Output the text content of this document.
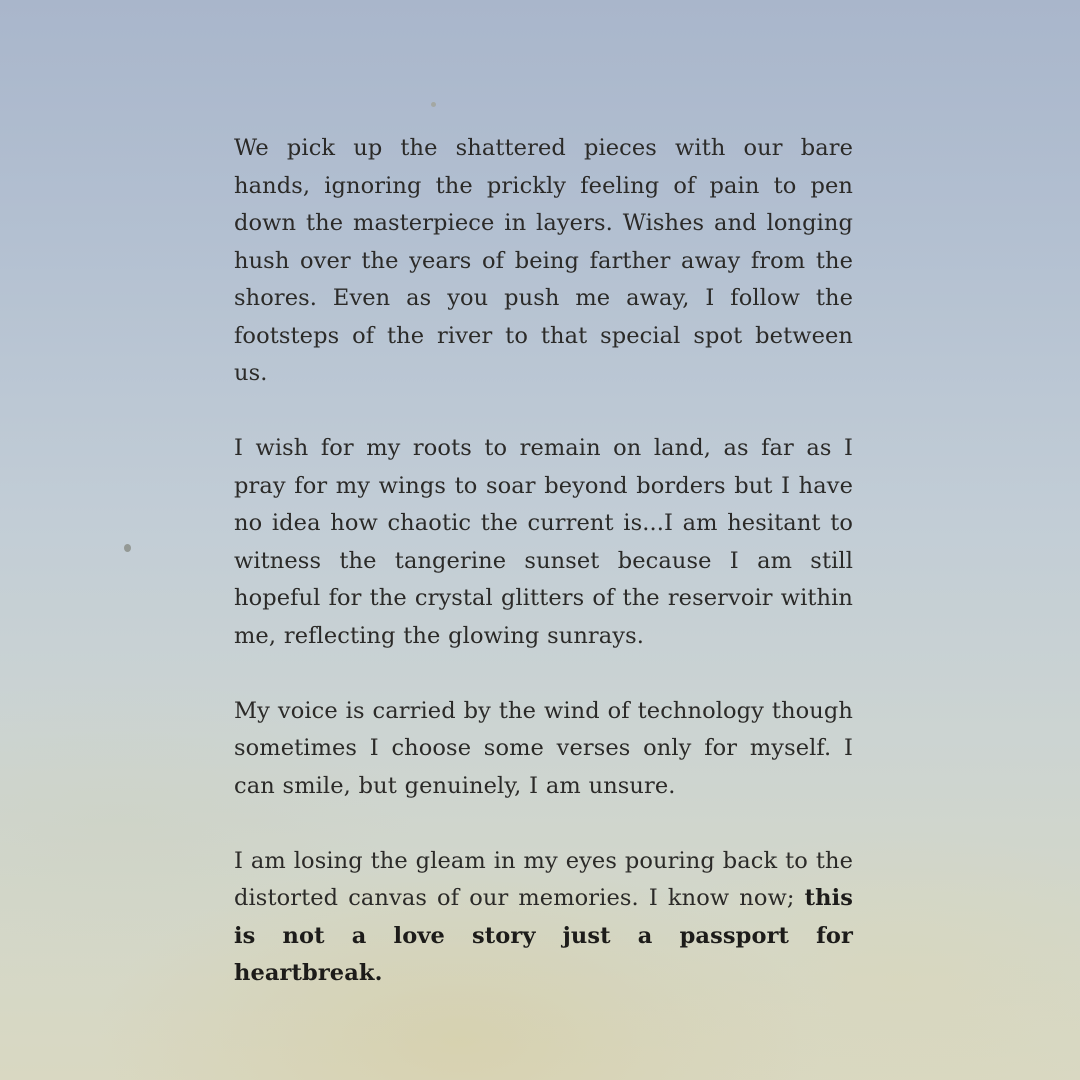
We pick up the shattered pieces with our bare hands, ignoring the prickly feeling of pain to pen down the masterpiece in layers. Wishes and longing hush over the years of being farther away from the shores. Even as you push me away, I follow the footsteps of the river to that special spot between us.

I wish for my roots to remain on land, as far as I pray for my wings to soar beyond borders but I have no idea how chaotic the current is...I am hesitant to witness the tangerine sunset because I am still hopeful for the crystal glitters of the reservoir within me, reflecting the glowing sunrays.

My voice is carried by the wind of technology though sometimes I choose some verses only for myself. I can smile, but genuinely, I am unsure.

I am losing the gleam in my eyes pouring back to the distorted canvas of our memories. I know now; this is not a love story just a passport for heartbreak.
